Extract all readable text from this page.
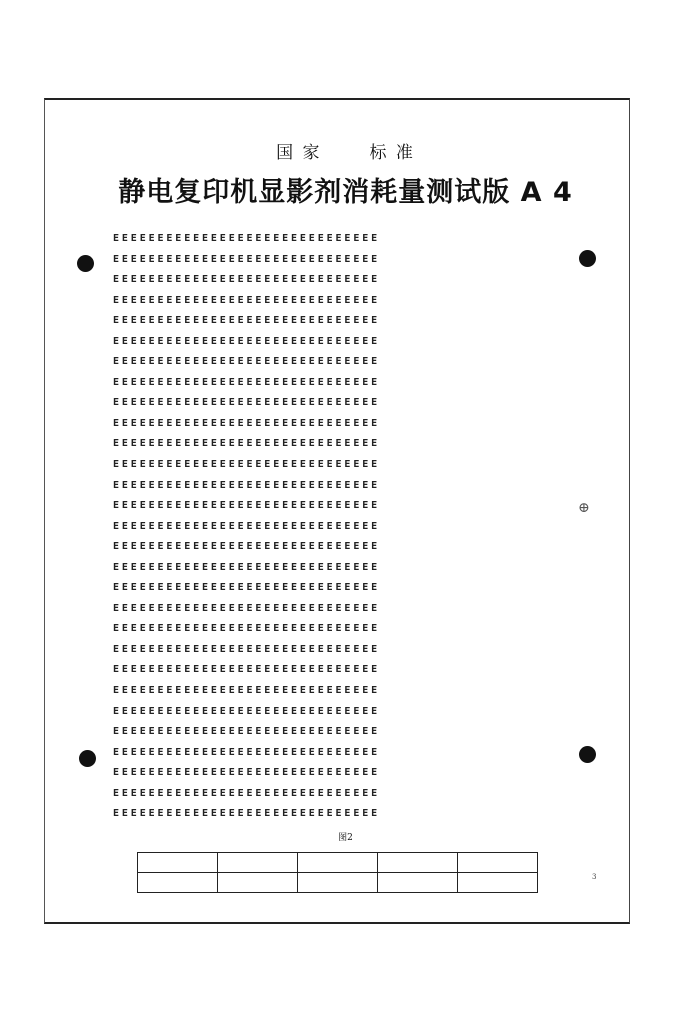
国 家	标 准
静电复印机显影剂消耗量测试版 A 4
⊕
EEEEEEEEEEEEEEEEEEEEEEEEEEEEEE
EEEEEEEEEEEEEEEEEEEEEEEEEEEEEE
EEEEEEEEEEEEEEEEEEEEEEEEEEEEEE
EEEEEEEEEEEEEEEEEEEEEEEEEEEEEE
EEEEEEEEEEEEEEEEEEEEEEEEEEEEEE
EEEEEEEEEEEEEEEEEEEEEEEEEEEEEE
EEEEEEEEEEEEEEEEEEEEEEEEEEEEEE
EEEEEEEEEEEEEEEEEEEEEEEEEEEEEE
EEEEEEEEEEEEEEEEEEEEEEEEEEEEEE
EEEEEEEEEEEEEEEEEEEEEEEEEEEEEE
EEEEEEEEEEEEEEEEEEEEEEEEEEEEEE
EEEEEEEEEEEEEEEEEEEEEEEEEEEEEE
EEEEEEEEEEEEEEEEEEEEEEEEEEEEEE
EEEEEEEEEEEEEEEEEEEEEEEEEEEEEE
EEEEEEEEEEEEEEEEEEEEEEEEEEEEEE
EEEEEEEEEEEEEEEEEEEEEEEEEEEEEE
EEEEEEEEEEEEEEEEEEEEEEEEEEEEEE
EEEEEEEEEEEEEEEEEEEEEEEEEEEEEE
EEEEEEEEEEEEEEEEEEEEEEEEEEEEEE
EEEEEEEEEEEEEEEEEEEEEEEEEEEEEE
EEEEEEEEEEEEEEEEEEEEEEEEEEEEEE
EEEEEEEEEEEEEEEEEEEEEEEEEEEEEE
EEEEEEEEEEEEEEEEEEEEEEEEEEEEEE
EEEEEEEEEEEEEEEEEEEEEEEEEEEEEE
EEEEEEEEEEEEEEEEEEEEEEEEEEEEEE
EEEEEEEEEEEEEEEEEEEEEEEEEEEEEE
EEEEEEEEEEEEEEEEEEEEEEEEEEEEEE
EEEEEEEEEEEEEEEEEEEEEEEEEEEEEE
EEEEEEEEEEEEEEEEEEEEEEEEEEEEEE
图2

3
